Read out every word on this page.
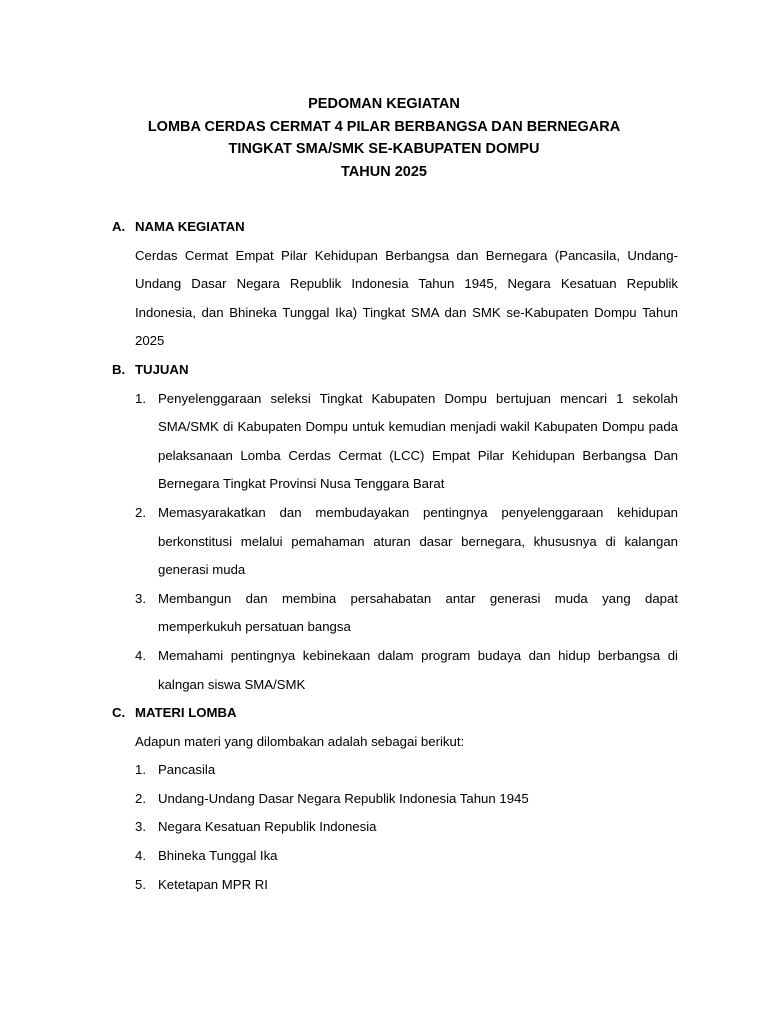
PEDOMAN KEGIATAN
LOMBA CERDAS CERMAT 4 PILAR BERBANGSA DAN BERNEGARA
TINGKAT SMA/SMK SE-KABUPATEN DOMPU
TAHUN 2025
A. NAMA KEGIATAN

Cerdas Cermat Empat Pilar Kehidupan Berbangsa dan Bernegara (Pancasila, Undang-Undang Dasar Negara Republik Indonesia Tahun 1945, Negara Kesatuan Republik Indonesia, dan Bhineka Tunggal Ika) Tingkat SMA dan SMK se-Kabupaten Dompu Tahun 2025

B. TUJUAN
1. Penyelenggaraan seleksi Tingkat Kabupaten Dompu bertujuan mencari 1 sekolah SMA/SMK di Kabupaten Dompu untuk kemudian menjadi wakil Kabupaten Dompu pada pelaksanaan Lomba Cerdas Cermat (LCC) Empat Pilar Kehidupan Berbangsa Dan Bernegara Tingkat Provinsi Nusa Tenggara Barat
2. Memasyarakatkan dan membudayakan pentingnya penyelenggaraan kehidupan berkonstitusi melalui pemahaman aturan dasar bernegara, khususnya di kalangan generasi muda
3. Membangun dan membina persahabatan antar generasi muda yang dapat memperkukuh persatuan bangsa
4. Memahami pentingnya kebinekaan dalam program budaya dan hidup berbangsa di kalngan siswa SMA/SMK
C. MATERI LOMBA

Adapun materi yang dilombakan adalah sebagai berikut:

1. Pancasila
2. Undang-Undang Dasar Negara Republik Indonesia Tahun 1945
3. Negara Kesatuan Republik Indonesia
4. Bhineka Tunggal Ika
5. Ketetapan MPR RI
